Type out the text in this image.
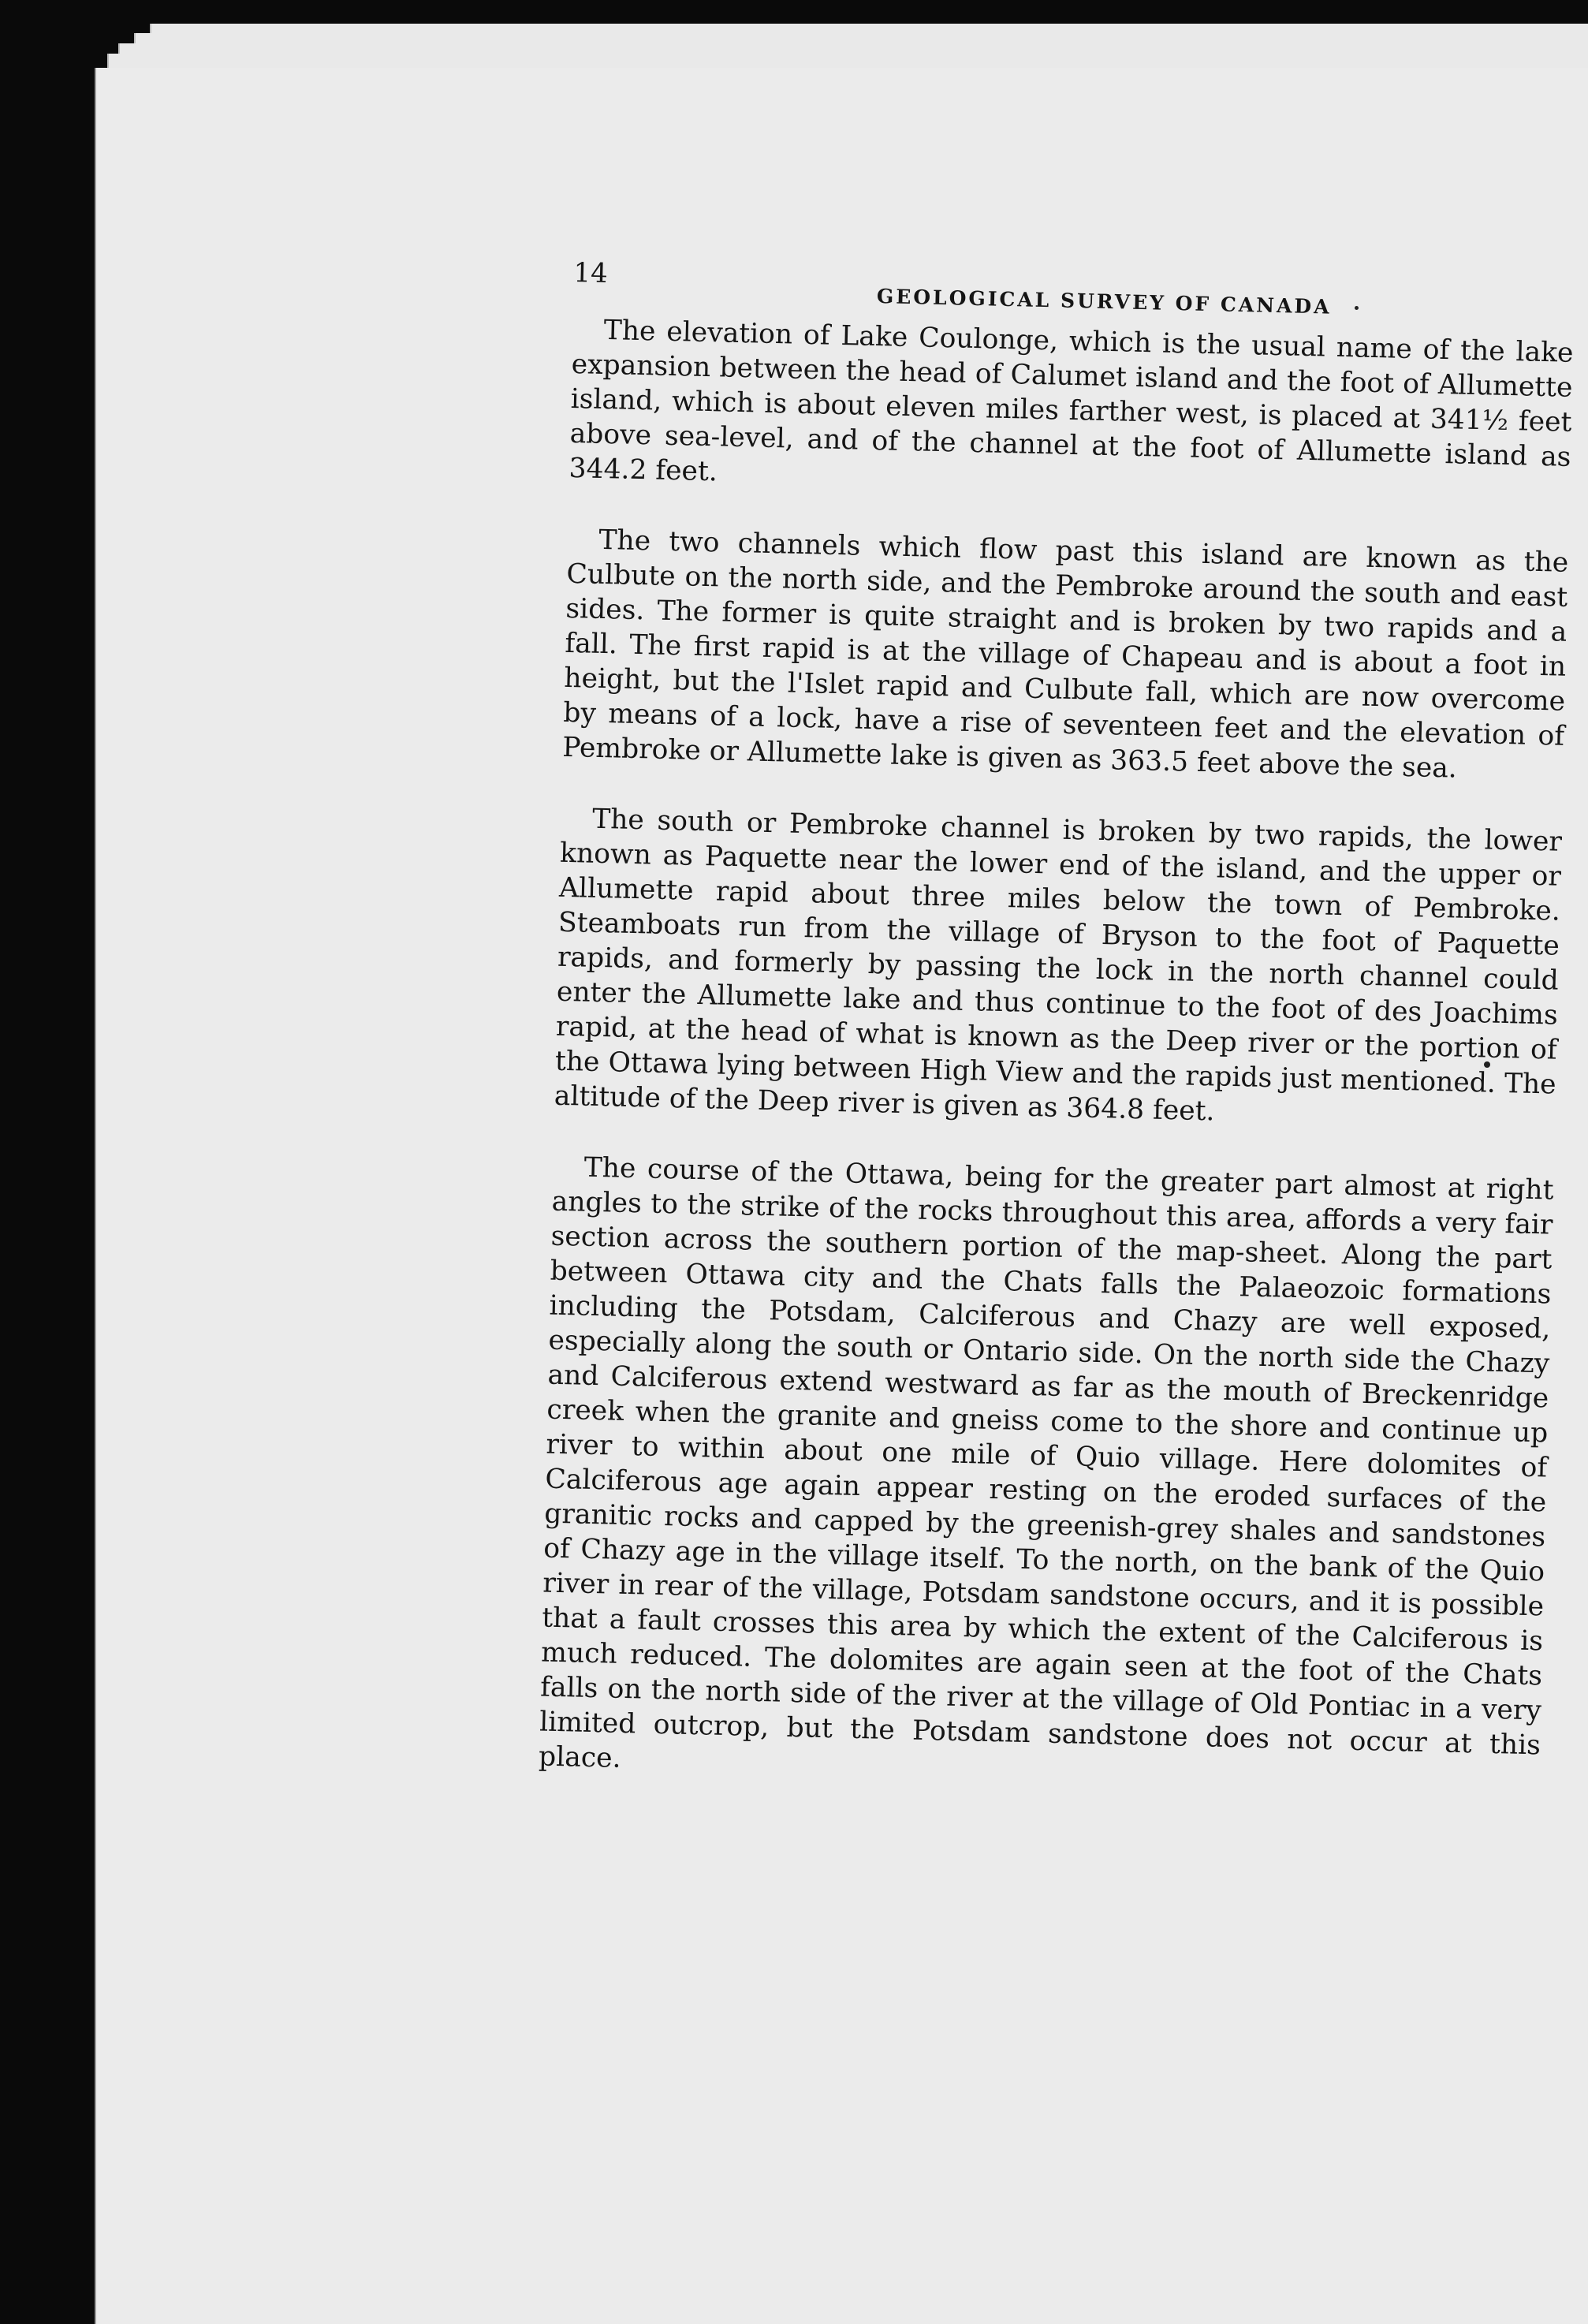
14
GEOLOGICAL SURVEY OF CANADA

The elevation of Lake Coulonge, which is the usual name of the lake expansion between the head of Calumet island and the foot of Allumette island, which is about eleven miles farther west, is placed at 341½ feet above sea-level, and of the channel at the foot of Allumette island as 344.2 feet.

The two channels which flow past this island are known as the Culbute on the north side, and the Pembroke around the south and east sides. The former is quite straight and is broken by two rapids and a fall. The first rapid is at the village of Chapeau and is about a foot in height, but the l'Islet rapid and Culbute fall, which are now overcome by means of a lock, have a rise of seventeen feet and the elevation of Pembroke or Allumette lake is given as 363.5 feet above the sea.

The south or Pembroke channel is broken by two rapids, the lower known as Paquette near the lower end of the island, and the upper or Allumette rapid about three miles below the town of Pembroke. Steamboats run from the village of Bryson to the foot of Paquette rapids, and formerly by passing the lock in the north channel could enter the Allumette lake and thus continue to the foot of des Joachims rapid, at the head of what is known as the Deep river or the portion of the Ottawa lying between High View and the rapids just mentioned. The altitude of the Deep river is given as 364.8 feet.

The course of the Ottawa, being for the greater part almost at right angles to the strike of the rocks throughout this area, affords a very fair section across the southern portion of the map-sheet. Along the part between Ottawa city and the Chats falls the Palaeozoic formations including the Potsdam, Calciferous and Chazy are well exposed, especially along the south or Ontario side. On the north side the Chazy and Calciferous extend westward as far as the mouth of Breckenridge creek when the granite and gneiss come to the shore and continue up river to within about one mile of Quio village. Here dolomites of Calciferous age again appear resting on the eroded surfaces of the granitic rocks and capped by the greenish-grey shales and sandstones of Chazy age in the village itself. To the north, on the bank of the Quio river in rear of the village, Potsdam sandstone occurs, and it is possible that a fault crosses this area by which the extent of the Calciferous is much reduced. The dolomites are again seen at the foot of the Chats falls on the north side of the river at the village of Old Pontiac in a very limited outcrop, but the Potsdam sandstone does not occur at this place.
